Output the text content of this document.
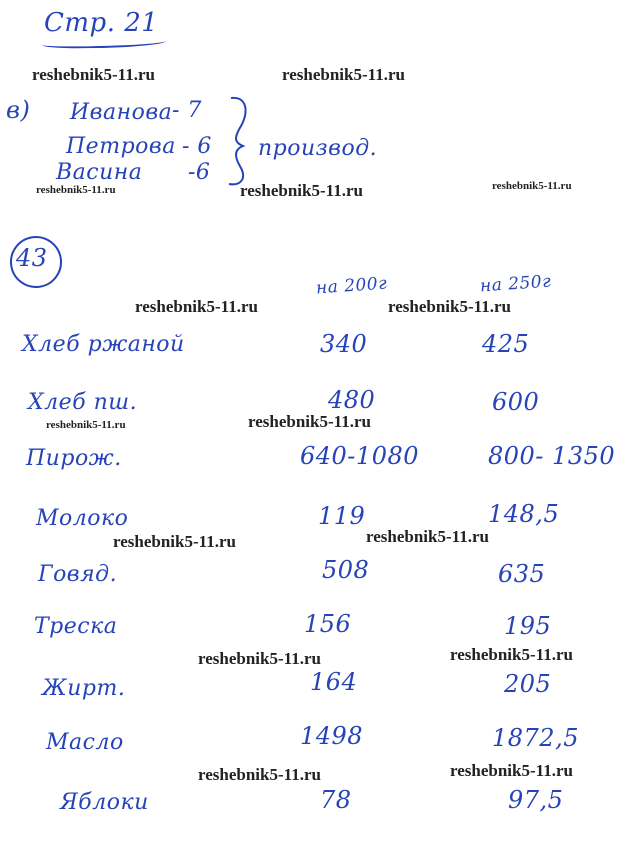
Стр. 21
в) Иванова - 7
Петрова - 6
Васина -6
производ.
43
на 200г	на 250г
Хлеб ржаной	340	425
Хлеб пш.	480	600
Пирож.	640-1080	800- 1350
Молоко	119	148,5
Говяд.	508	635
Треска	156	195
Жирт.	164	205
Масло	1498	1872,5
Яблоки	78	97,5
reshebnik5-11.ru	reshebnik5-11.ru
reshebnik5-11.ru	reshebnik5-11.ru	reshebnik5-11.ru
reshebnik5-11.ru	reshebnik5-11.ru
reshebnik5-11.ru
reshebnik5-11.ru
reshebnik5-11.ru	reshebnik5-11.ru
reshebnik5-11.ru	reshebnik5-11.ru
reshebnik5-11.ru	reshebnik5-11.ru
